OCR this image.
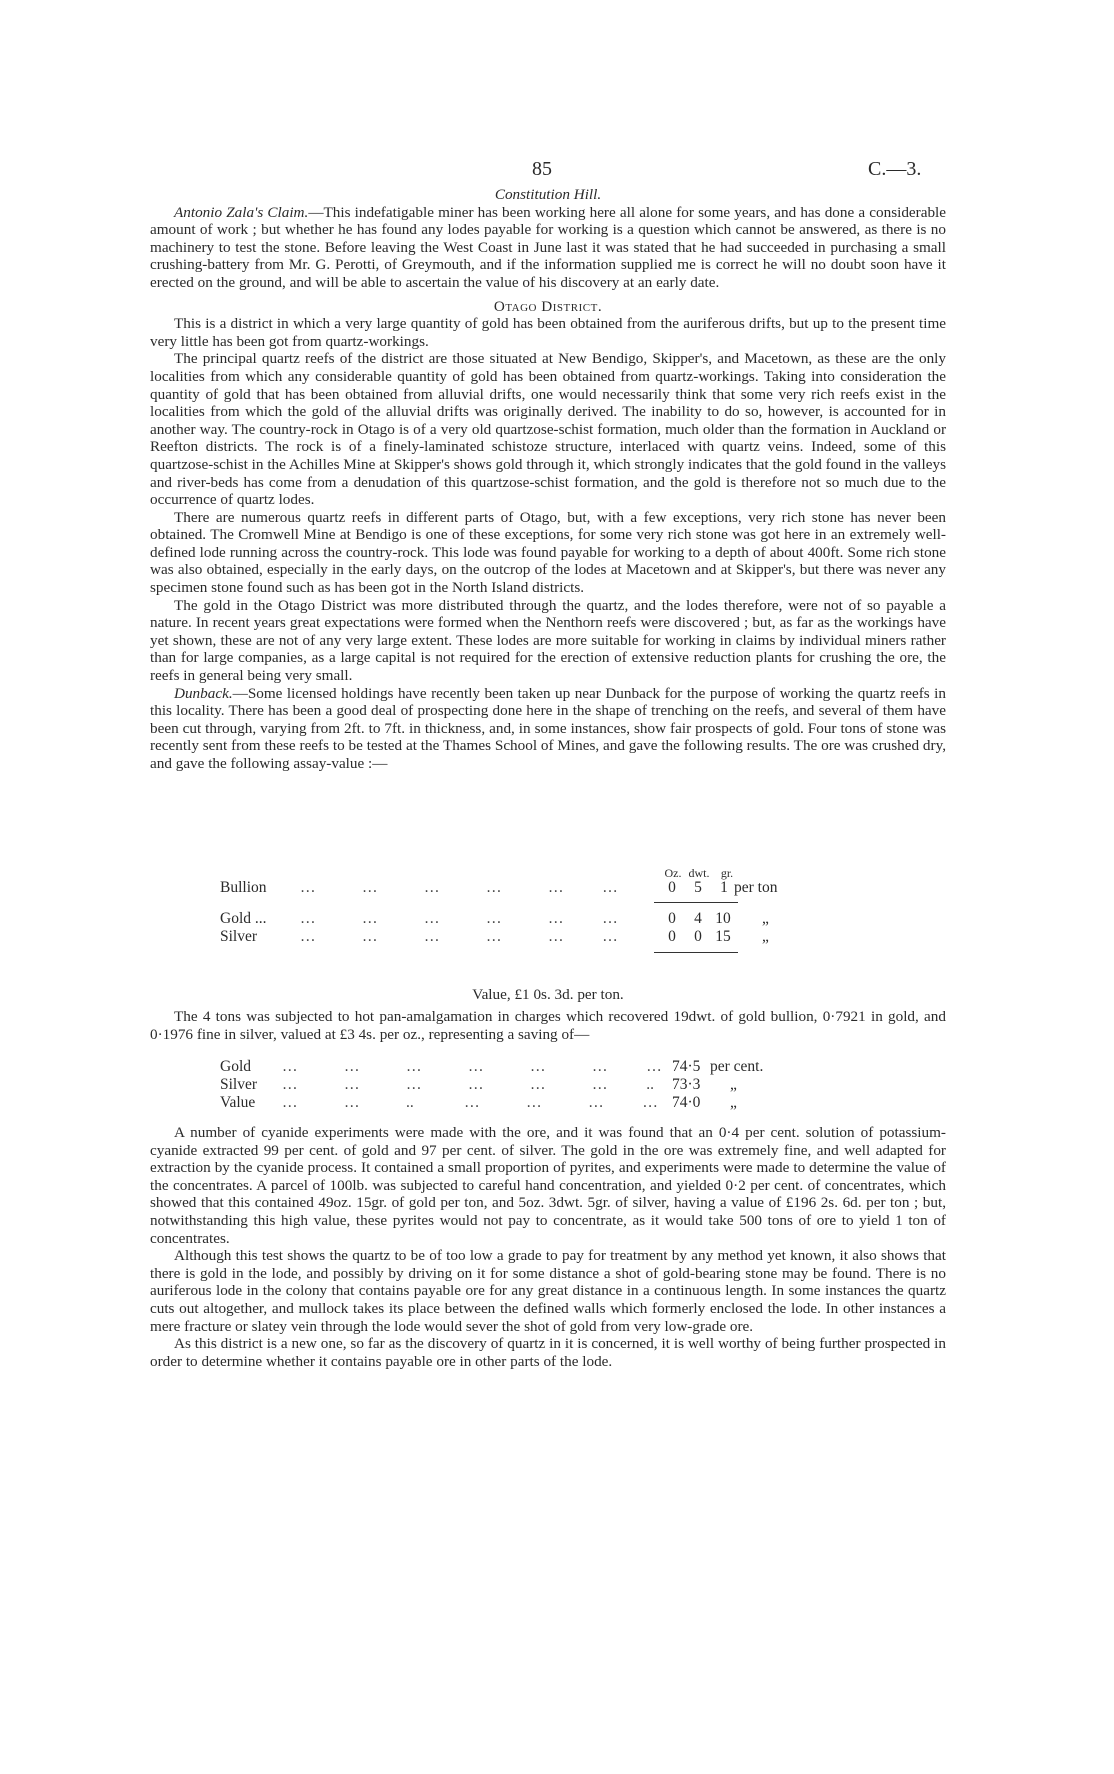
85	C.—3.
Constitution Hill.

Antonio Zala's Claim.—This indefatigable miner has been working here all alone for some years, and has done a considerable amount of work ; but whether he has found any lodes payable for working is a question which cannot be answered, as there is no machinery to test the stone. Before leaving the West Coast in June last it was stated that he had succeeded in purchasing a small crushing-battery from Mr. G. Perotti, of Greymouth, and if the information supplied me is correct he will no doubt soon have it erected on the ground, and will be able to ascertain the value of his discovery at an early date.

Otago District.

This is a district in which a very large quantity of gold has been obtained from the auriferous drifts, but up to the present time very little has been got from quartz-workings.

The principal quartz reefs of the district are those situated at New Bendigo, Skipper's, and Macetown, as these are the only localities from which any considerable quantity of gold has been obtained from quartz-workings. Taking into consideration the quantity of gold that has been obtained from alluvial drifts, one would necessarily think that some very rich reefs exist in the localities from which the gold of the alluvial drifts was originally derived. The inability to do so, however, is accounted for in another way. The country-rock in Otago is of a very old quartzose-schist formation, much older than the formation in Auckland or Reefton districts. The rock is of a finely-laminated schistoze structure, interlaced with quartz veins. Indeed, some of this quartzose-schist in the Achilles Mine at Skipper's shows gold through it, which strongly indicates that the gold found in the valleys and river-beds has come from a denudation of this quartzose-schist formation, and the gold is therefore not so much due to the occurrence of quartz lodes.

There are numerous quartz reefs in different parts of Otago, but, with a few exceptions, very rich stone has never been obtained. The Cromwell Mine at Bendigo is one of these exceptions, for some very rich stone was got here in an extremely well-defined lode running across the country-rock. This lode was found payable for working to a depth of about 400ft. Some rich stone was also obtained, especially in the early days, on the outcrop of the lodes at Macetown and at Skipper's, but there was never any specimen stone found such as has been got in the North Island districts.

The gold in the Otago District was more distributed through the quartz, and the lodes therefore, were not of so payable a nature. In recent years great expectations were formed when the Nenthorn reefs were discovered ; but, as far as the workings have yet shown, these are not of any very large extent. These lodes are more suitable for working in claims by individual miners rather than for large companies, as a large capital is not required for the erection of extensive reduction plants for crushing the ore, the reefs in general being very small.

Dunback.—Some licensed holdings have recently been taken up near Dunback for the purpose of working the quartz reefs in this locality. There has been a good deal of prospecting done here in the shape of trenching on the reefs, and several of them have been cut through, varying from 2ft. to 7ft. in thickness, and, in some instances, show fair prospects of gold. Four tons of stone was recently sent from these reefs to be tested at the Thames School of Mines, and gave the following results. The ore was crushed dry, and gave the following assay-value :—

Oz. dwt. gr.
Bullion …            …            …            …            …          …	0 5 1 per ton
Gold ... …            …            …            …            …          …	0 4 10 „
Silver	…            …            …            …            …          …	0 0 15 „
Value, £1 0s. 3d. per ton.

The 4 tons was subjected to hot pan-amalgamation in charges which recovered 19dwt. of gold bullion, 0·7921 in gold, and 0·1976 fine in silver, valued at £3 4s. per oz., representing a saving of—

Gold …            …            …            …            …            …          … 74·5 per cent.
Silver …            …            …            …            …            …          ..	73·3 „
Value …            …            ..             …            …            …          … 74·0 „

A number of cyanide experiments were made with the ore, and it was found that an 0·4 per cent. solution of potassium-cyanide extracted 99 per cent. of gold and 97 per cent. of silver. The gold in the ore was extremely fine, and well adapted for extraction by the cyanide process. It contained a small proportion of pyrites, and experiments were made to determine the value of the concentrates. A parcel of 100lb. was subjected to careful hand concentration, and yielded 0·2 per cent. of concentrates, which showed that this contained 49oz. 15gr. of gold per ton, and 5oz. 3dwt. 5gr. of silver, having a value of £196 2s. 6d. per ton ; but, notwithstanding this high value, these pyrites would not pay to concentrate, as it would take 500 tons of ore to yield 1 ton of concentrates.

Although this test shows the quartz to be of too low a grade to pay for treatment by any method yet known, it also shows that there is gold in the lode, and possibly by driving on it for some distance a shot of gold-bearing stone may be found. There is no auriferous lode in the colony that contains payable ore for any great distance in a continuous length. In some instances the quartz cuts out altogether, and mullock takes its place between the defined walls which formerly enclosed the lode. In other instances a mere fracture or slatey vein through the lode would sever the shot of gold from very low-grade ore.

As this district is a new one, so far as the discovery of quartz in it is concerned, it is well worthy of being further prospected in order to determine whether it contains payable ore in other parts of the lode.
